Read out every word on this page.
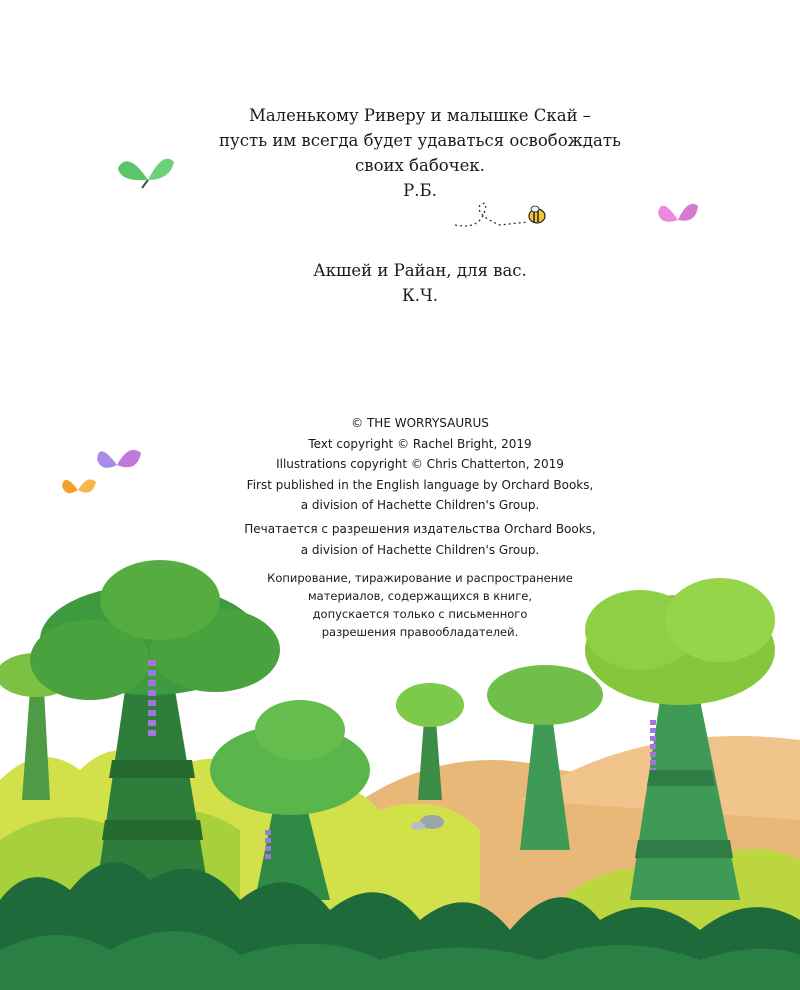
Маленькому Риверу и малышке Скай –
пусть им всегда будет удаваться освобождать
своих бабочек.
Р.Б.
Акшей и Райан, для вас.
К.Ч.
© THE WORRYSAURUS
Text copyright © Rachel Bright, 2019
Illustrations copyright © Chris Chatterton, 2019
First published in the English language by Orchard Books,
a division of Hachette Children's Group.
Печатается с разрешения издательства Orchard Books,
a division of Hachette Children's Group.
Копирование, тиражирование и распространение
материалов, содержащихся в книге,
допускается только с письменного
разрешения правообладателей.
